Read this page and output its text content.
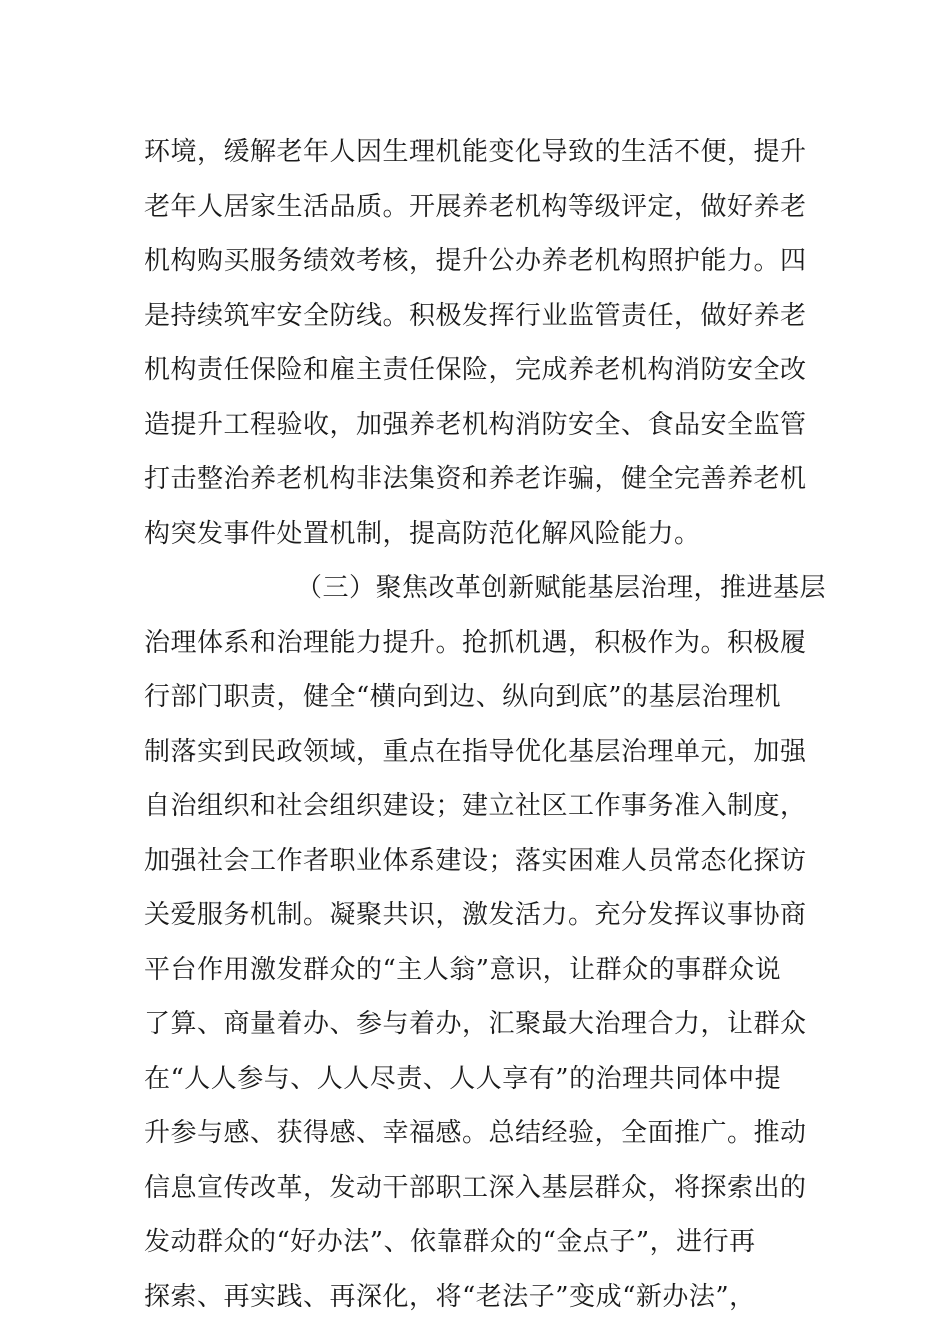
环境，缓解老年人因生理机能变化导致的生活不便，提升
老年人居家生活品质。开展养老机构等级评定，做好养老
机构购买服务绩效考核，提升公办养老机构照护能力。四
是持续筑牢安全防线。积极发挥行业监管责任，做好养老
机构责任保险和雇主责任保险，完成养老机构消防安全改
造提升工程验收，加强养老机构消防安全、食品安全监管
打击整治养老机构非法集资和养老诈骗，健全完善养老机
构突发事件处置机制，提高防范化解风险能力。
（三）聚焦改革创新赋能基层治理，推进基层
治理体系和治理能力提升。抢抓机遇，积极作为。积极履
行部门职责，健全“横向到边、纵向到底”的基层治理机
制落实到民政领域，重点在指导优化基层治理单元，加强
自治组织和社会组织建设；建立社区工作事务准入制度，
加强社会工作者职业体系建设；落实困难人员常态化探访
关爱服务机制。凝聚共识，激发活力。充分发挥议事协商
平台作用激发群众的“主人翁”意识，让群众的事群众说
了算、商量着办、参与着办，汇聚最大治理合力，让群众
在“人人参与、人人尽责、人人享有”的治理共同体中提
升参与感、获得感、幸福感。总结经验，全面推广。推动
信息宣传改革，发动干部职工深入基层群众，将探索出的
发动群众的“好办法”、依靠群众的“金点子”，进行再
探索、再实践、再深化，将“老法子”变成“新办法”，
